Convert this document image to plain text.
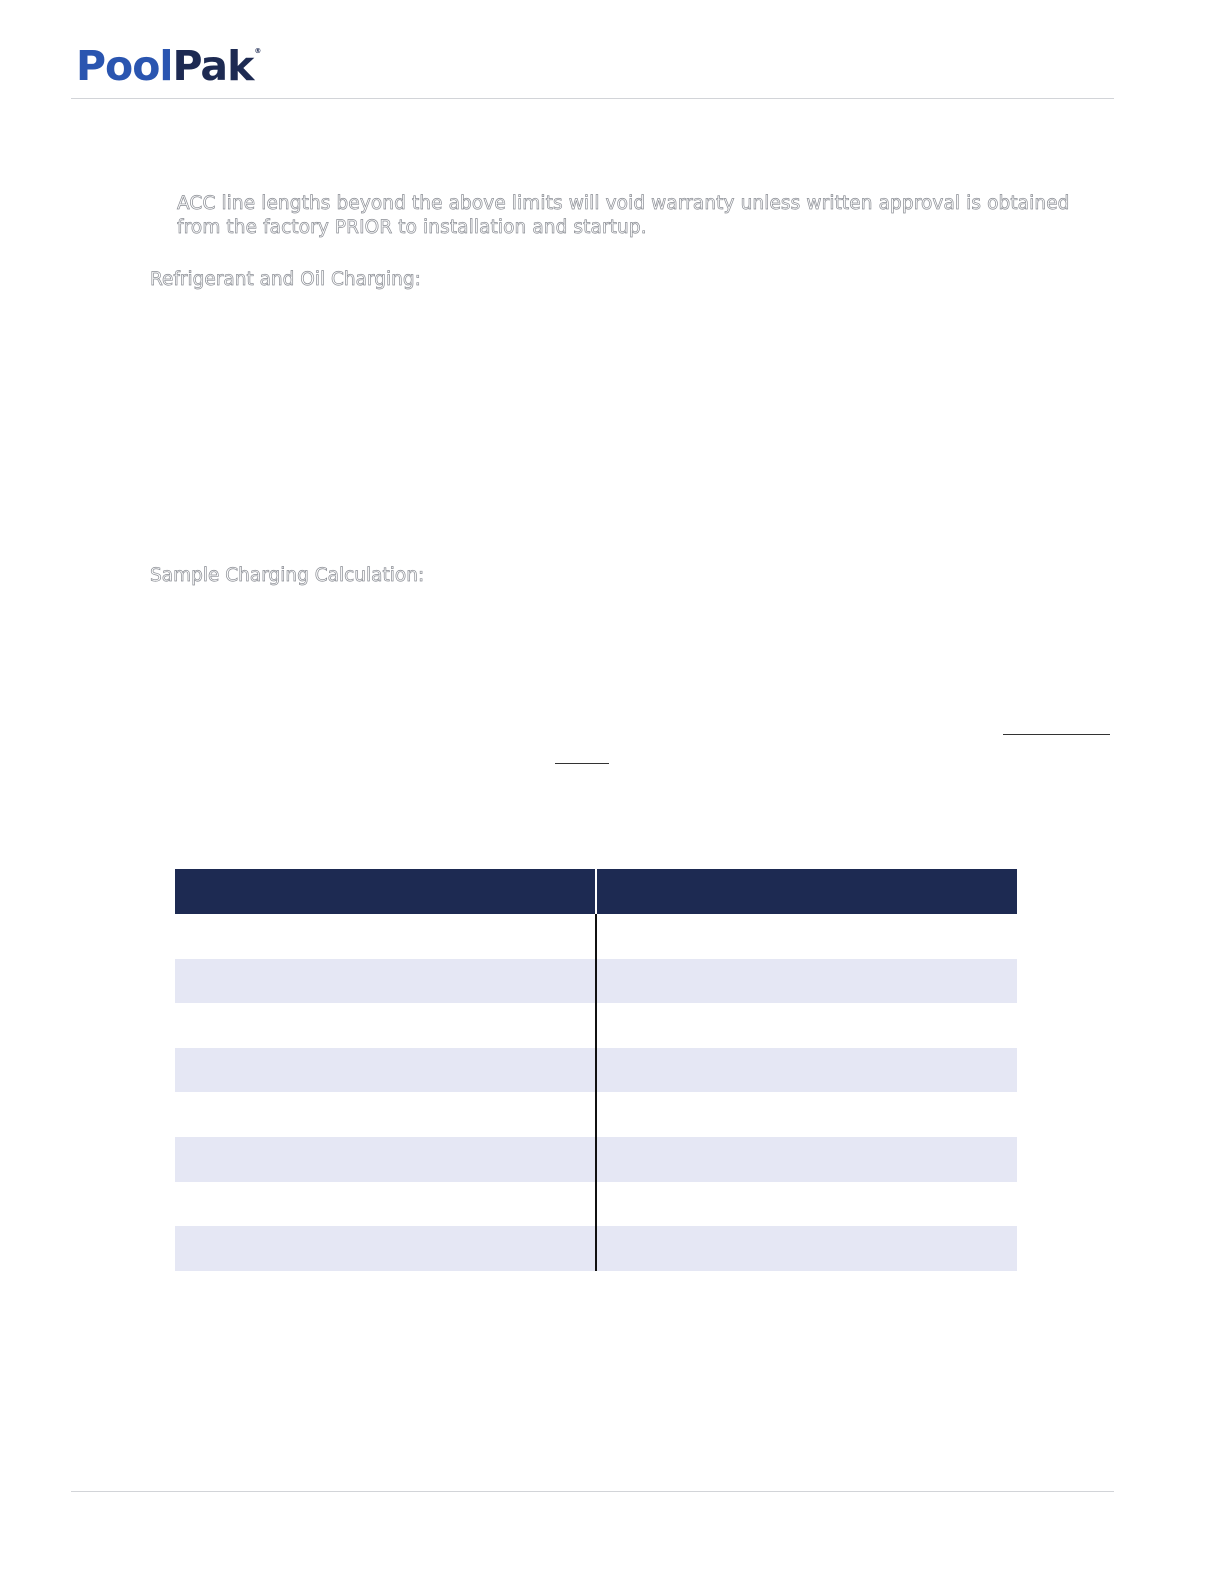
Pool Pak ®

ACC line lengths beyond the above limits will void warranty unless written approval is obtained from the factory PRIOR to installation and startup.

Refrigerant and Oil Charging:
Sample Charging Calculation:
